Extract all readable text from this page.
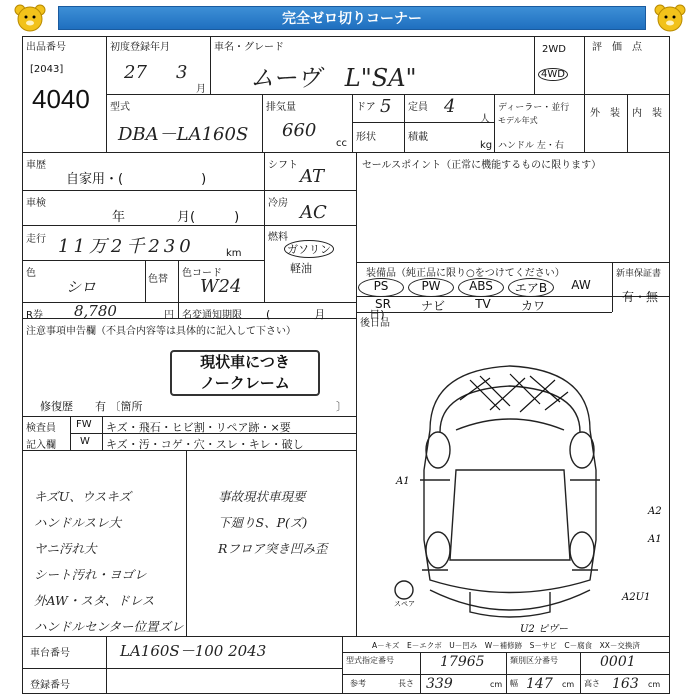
完全ゼロ切りコーナー
出品番号
[2043]
4040
初度登録年月
27 3
月
車名・グレード
ムーヴ　L"SA"
2WD
4WD
評　価　点
型式
DBA－LA160S
排気量
660
cc
ドア 5 定員 4
人
形状	積載
kg
ディーラー・並行
モデル年式
ハンドル 左・右
外　装 内　装
車歴
自家用・(　　　　　　)
車検
年　　　　月(　　　)
走行 11万2千230	km
色
シロ	色替
色コード
W24
R券 8,780	円 名変通知期限 (　　　　月　　　　日)
シフト
AT
冷房 AC
燃料
ガソリン
軽油
セールスポイント（正常に機能するものに限ります）
装備品（純正品に限り○をつけてください）	新車保証書
有・無
PS	PW	ABS	エアB	AW
SR	ナビ	TV	カワ
後日品
注意事項申告欄（不具合内容等は具体的に記入して下さい）
現状車につき
ノークレーム
修復歴　　有 〔箇所	〕
検査員
記入欄
FW キズ・飛石・ヒビ割・リペア跡・×要
W キズ・汚・コゲ・穴・スレ・キレ・破し
キズU、ウスキズ
ハンドルスレ大
ヤニ汚れ大
シート汚れ・ヨゴレ
外AW・スタ、ドレス
ハンドルセンター位置ズレ
事故現状車現要
下廻りS、P(ズ)
Rフロア突き凹み歪
A1
A2
A1
A2U1
U2 ピヴー
スペア
A－キズ　E－エクボ　U－凹み　W－補修跡　S－サビ　C－腐食　XX－交換済
車台番号	LA160S－100 2043
登録番号
型式指定番号	17965	類別区分番号	0001
参考	長さ 339	cm 幅 147 cm 高さ 163 cm
